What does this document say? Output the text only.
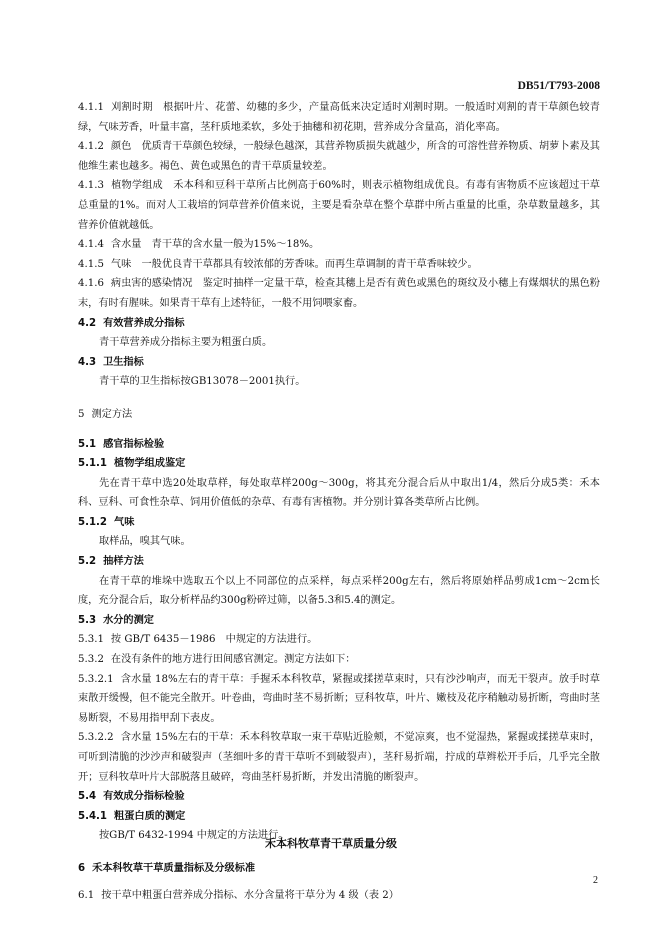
DB51/T793-2008

4.1.1 刈割时期　根据叶片、花蕾、幼穗的多少，产量高低来决定适时刈割时期。一般适时刈割的青干草颜色较青绿，气味芳香，叶量丰富，茎秆质地柔软，多处于抽穗和初花期，营养成分含量高，消化率高。

4.1.2 颜色　优质青干草颜色较绿，一般绿色越深，其营养物质损失就越少，所含的可溶性营养物质、胡萝卜素及其他维生素也越多。褐色、黄色或黑色的青干草质量较差。

4.1.3 植物学组成　禾本科和豆科干草所占比例高于60%时，则表示植物组成优良。有毒有害物质不应该超过干草总重量的1%。而对人工栽培的饲草营养价值来说，主要是看杂草在整个草群中所占重量的比重，杂草数量越多，其营养价值就越低。

4.1.4 含水量　青干草的含水量一般为15%～18%。

4.1.5 气味　一般优良青干草都具有较浓郁的芳香味。而再生草调制的青干草香味较少。

4.1.6 病虫害的感染情况　鉴定时抽样一定量干草，检查其穗上是否有黄色或黑色的斑纹及小穗上有煤烟状的黑色粉末，有时有腥味。如果青干草有上述特征，一般不用饲喂家畜。

4.2 有效营养成分指标

青干草营养成分指标主要为粗蛋白质。

4.3 卫生指标

青干草的卫生指标按GB13078－2001执行。

5 测定方法

5.1 感官指标检验

5.1.1 植物学组成鉴定

先在青干草中选20处取草样，每处取草样200g～300g，将其充分混合后从中取出1/4，然后分成5类：禾本科、豆科、可食性杂草、饲用价值低的杂草、有毒有害植物。并分别计算各类草所占比例。

5.1.2 气味

取样品，嗅其气味。

5.2 抽样方法

在青干草的堆垛中选取五个以上不同部位的点采样，每点采样200g左右，然后将原始样品剪成1cm～2cm长度，充分混合后，取分析样品约300g粉碎过筛，以备5.3和5.4的测定。

5.3 水分的测定

5.3.1 按 GB/T 6435－1986　中规定的方法进行。

5.3.2 在没有条件的地方进行田间感官测定。测定方法如下：

5.3.2.1 含水量 18%左右的青干草：手握禾本科牧草，紧握或揉搓草束时，只有沙沙响声，而无干裂声。放手时草束散开缓慢，但不能完全散开。叶卷曲，弯曲时茎不易折断；豆科牧草，叶片、嫩枝及花序稍触动易折断，弯曲时茎易断裂，不易用指甲刮下表皮。

5.3.2.2 含水量 15%左右的干草：禾本科牧草取一束干草贴近脸颊，不觉凉爽，也不觉湿热，紧握或揉搓草束时，可听到清脆的沙沙声和破裂声（茎细叶多的青干草听不到破裂声），茎秆易折端，拧成的草辫松开手后，几乎完全散开；豆科牧草叶片大部脱落且破碎，弯曲茎杆易折断，并发出清脆的断裂声。

5.4 有效成分指标检验

5.4.1 粗蛋白质的测定

按GB/T 6432-1994 中规定的方法进行。

6 禾本科牧草干草质量指标及分级标准

6.1 按干草中粗蛋白营养成分指标、水分含量将干草分为 4 级（表 2）

禾本科牧草青干草质量分级
2
